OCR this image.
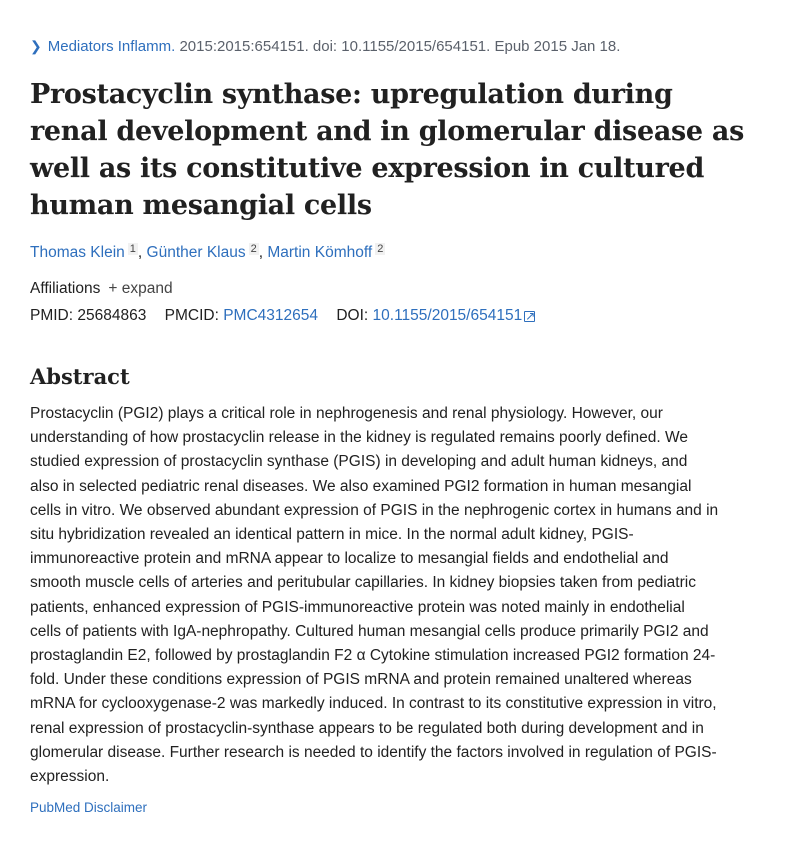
❯ Mediators Inflamm. 2015:2015:654151. doi: 10.1155/2015/654151. Epub 2015 Jan 18.
Prostacyclin synthase: upregulation during renal development and in glomerular disease as well as its constitutive expression in cultured human mesangial cells
Thomas Klein $^1$ , Günther Klaus $^2$ , Martin Kömhoff $^2$
Affiliations + expand
PMID: 25684863 PMCID: PMC4312654 DOI: 10.1155/2015/654151 ↗
Abstract

Prostacyclin (PGI2) plays a critical role in nephrogenesis and renal physiology. However, our understanding of how prostacyclin release in the kidney is regulated remains poorly defined. We studied expression of prostacyclin synthase (PGIS) in developing and adult human kidneys, and also in selected pediatric renal diseases. We also examined PGI2 formation in human mesangial cells in vitro. We observed abundant expression of PGIS in the nephrogenic cortex in humans and in situ hybridization revealed an identical pattern in mice. In the normal adult kidney, PGIS-immunoreactive protein and mRNA appear to localize to mesangial fields and endothelial and smooth muscle cells of arteries and peritubular capillaries. In kidney biopsies taken from pediatric patients, enhanced expression of PGIS-immunoreactive protein was noted mainly in endothelial cells of patients with IgA-nephropathy. Cultured human mesangial cells produce primarily PGI2 and prostaglandin E2, followed by prostaglandin F2 α Cytokine stimulation increased PGI2 formation 24-fold. Under these conditions expression of PGIS mRNA and protein remained unaltered whereas mRNA for cyclooxygenase-2 was markedly induced. In contrast to its constitutive expression in vitro, renal expression of prostacyclin-synthase appears to be regulated both during development and in glomerular disease. Further research is needed to identify the factors involved in regulation of PGIS-expression.

PubMed Disclaimer
